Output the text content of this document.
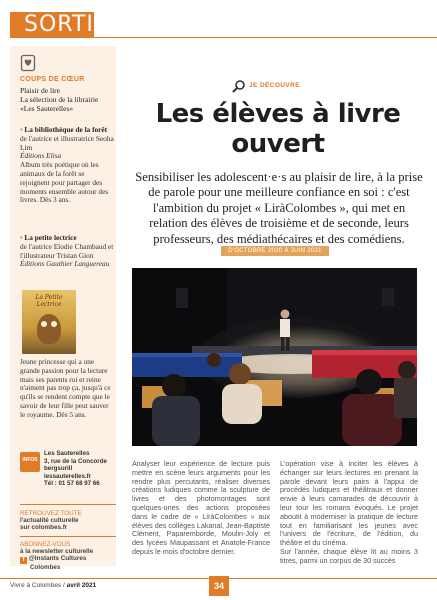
SORTIR
COUPS DE CŒUR
Plaisir de lire
La sélection de la librairie «Les Sauterelles»
• La bibliothèque de la forêt
de l'autrice et illustratrice Seoha Lim
Éditions Elisa
Album très poétique où les animaux de la forêt se rejoignent pour partager des moments ensemble autour des livres. Dès 3 ans.
• La petite lectrice
de l'autrice Elodie Chambaud et l'illustrateur Tristan Gion
Éditions Gauthier Languereau
La Petite Lectrice
Jeune princesse qui a une grande passion pour la lecture mais ses parents roi et reine n'aiment pas trop ça, jusqu'à ce qu'ils se rendent compte que le savoir de leur fille peut sauver le royaume. Dès 5 ans.
INFOS
Les Sauterelles
3, rue de la Concorde
bergsurill
lessauterelles.fr
Tél : 01 57 68 97 66
RETROUVEZ TOUTE
l'actualité culturelle
sur colombes.fr
ABONNEZ-VOUS
à la newsletter culturelle
f @Instants Cultures
Colombes
JE DÉCOUVRE
Les élèves à livre
ouvert
Sensibiliser les adolescent·e·s au plaisir de lire, à la prise de parole pour une meilleure confiance en soi : c'est l'ambition du projet « LiràColombes », qui met en relation des élèves de troisième et de seconde, leurs professeurs, des médiathécaires et des comédiens.
D'OCTOBRE 2020 À JUIN 2021
Analyser leur expérience de lecture puis mettre en scène leurs arguments pour les rendre plus percutants, réaliser diverses créations ludiques comme la sculpture de livres et des photomontages sont quelques-unes des actions proposées dans le cadre de « LiràColombes » aux élèves des collèges Lakanal, Jean-Baptiste Clément, Paparemborde, Moulin-Joly et des lycées Maupassant et Anatole-France depuis le mois d'octobre dernier.
L'opération vise à inciter les élèves à échanger sur leurs lectures en prenant la parole devant leurs pairs à l'appui de procédés ludiques et théâtraux et donner envie à leurs camarades de découvrir à leur tour les romans évoqués. Le projet aboutit à moderniser la pratique de lecture tout en familiarisant les jeunes avec l'univers de l'écriture, de l'édition, du théâtre et du cinéma.
Sur l'année, chaque élève lit au moins 3 titres, parmi un corpus de 30 succès
Vivre à Colombes / avril 2021	34
